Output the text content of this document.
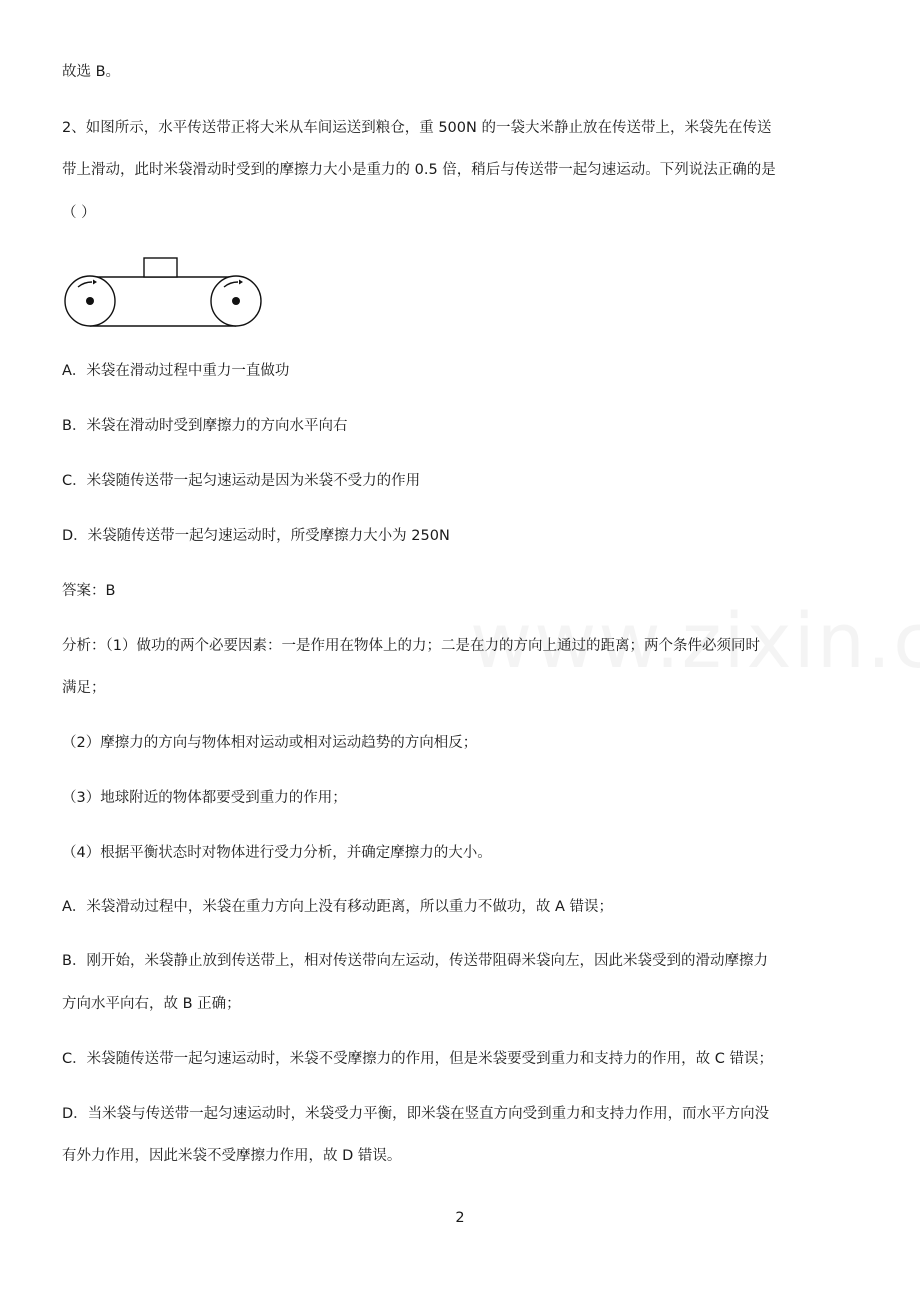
故选 B。
2、如图所示，水平传送带正将大米从车间运送到粮仓，重 500N 的一袋大米静止放在传送带上，米袋先在传送
带上滑动，此时米袋滑动时受到的摩擦力大小是重力的 0.5 倍，稍后与传送带一起匀速运动。下列说法正确的是
（ ）
A．米袋在滑动过程中重力一直做功
B．米袋在滑动时受到摩擦力的方向水平向右
C．米袋随传送带一起匀速运动是因为米袋不受力的作用
D．米袋随传送带一起匀速运动时，所受摩擦力大小为 250N
答案：B
分析：（1）做功的两个必要因素：一是作用在物体上的力；二是在力的方向上通过的距离；两个条件必须同时
满足；
（2）摩擦力的方向与物体相对运动或相对运动趋势的方向相反；
（3）地球附近的物体都要受到重力的作用；
（4）根据平衡状态时对物体进行受力分析，并确定摩擦力的大小。
A．米袋滑动过程中，米袋在重力方向上没有移动距离，所以重力不做功，故 A 错误；
B．刚开始，米袋静止放到传送带上，相对传送带向左运动，传送带阻碍米袋向左，因此米袋受到的滑动摩擦力
方向水平向右，故 B 正确；
C．米袋随传送带一起匀速运动时，米袋不受摩擦力的作用，但是米袋要受到重力和支持力的作用，故 C 错误；
D．当米袋与传送带一起匀速运动时，米袋受力平衡，即米袋在竖直方向受到重力和支持力作用，而水平方向没
有外力作用，因此米袋不受摩擦力作用，故 D 错误。
2
